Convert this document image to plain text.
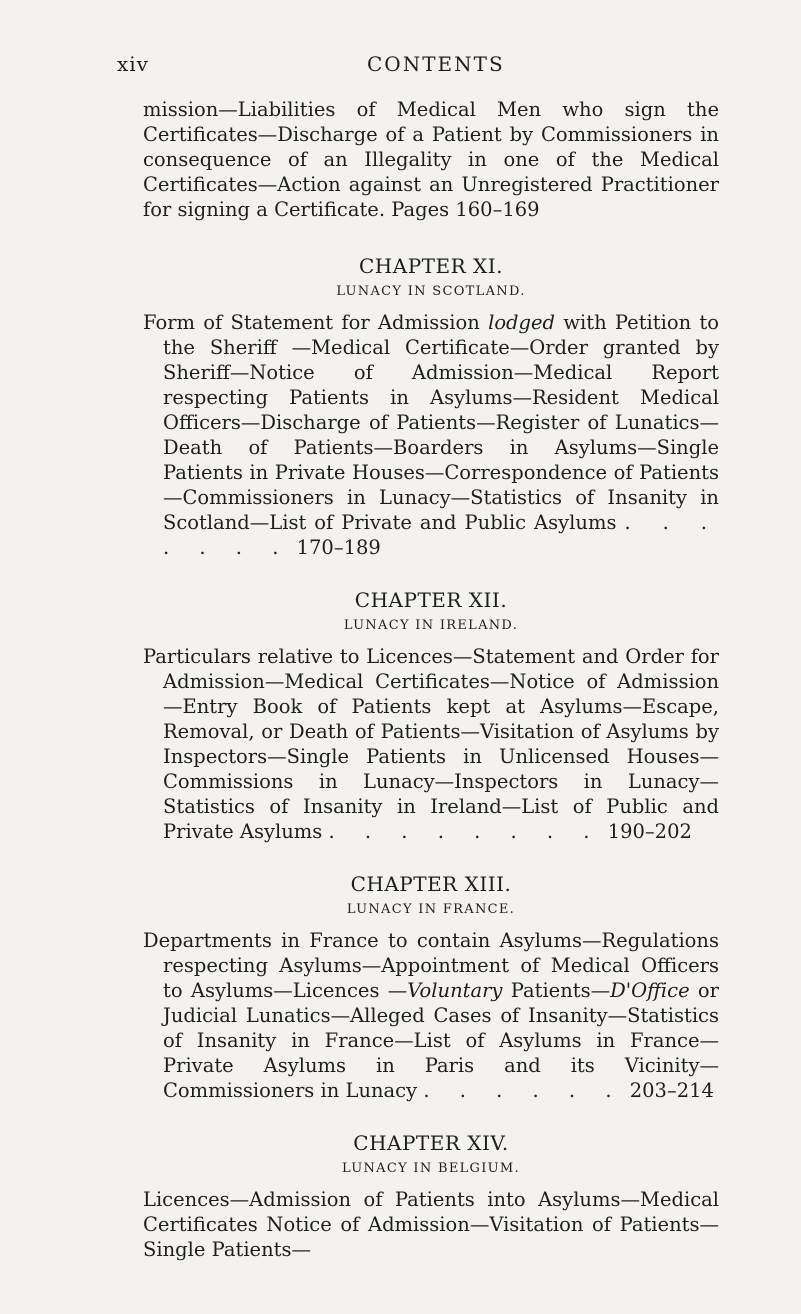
xiv	CONTENTS

mission—Liabilities of Medical Men who sign the Certificates—Discharge of a Patient by Commissioners in consequence of an Illegality in one of the Medical Certificates—Action against an Unregistered Practitioner for signing a Certificate. Pages 160–169

CHAPTER XI.
LUNACY IN SCOTLAND.

Form of Statement for Admission lodged with Petition to the Sheriff —Medical Certificate—Order granted by Sheriff—Notice of Admission—Medical Report respecting Patients in Asylums—Resident Medical Officers—Discharge of Patients—Register of Lunatics—Death of Patients—Boarders in Asylums—Single Patients in Private Houses—Correspondence of Patients—Commissioners in Lunacy—Statistics of Insanity in Scotland—List of Private and Public Asylums . . . . . . . 170–189

CHAPTER XII.
LUNACY IN IRELAND.

Particulars relative to Licences—Statement and Order for Admission—Medical Certificates—Notice of Admission—Entry Book of Patients kept at Asylums—Escape, Removal, or Death of Patients—Visitation of Asylums by Inspectors—Single Patients in Unlicensed Houses—Commissions in Lunacy—Inspectors in Lunacy—Statistics of Insanity in Ireland—List of Public and Private Asylums . . . . . . . . 190–202

CHAPTER XIII.
LUNACY IN FRANCE.

Departments in France to contain Asylums—Regulations respecting Asylums—Appointment of Medical Officers to Asylums—Licences —Voluntary Patients—D'Office or Judicial Lunatics—Alleged Cases of Insanity—Statistics of Insanity in France—List of Asylums in France—Private Asylums in Paris and its Vicinity—Commissioners in Lunacy . . . . . . 203–214

CHAPTER XIV.
LUNACY IN BELGIUM.

Licences—Admission of Patients into Asylums—Medical Certificates Notice of Admission—Visitation of Patients—Single Patients—
